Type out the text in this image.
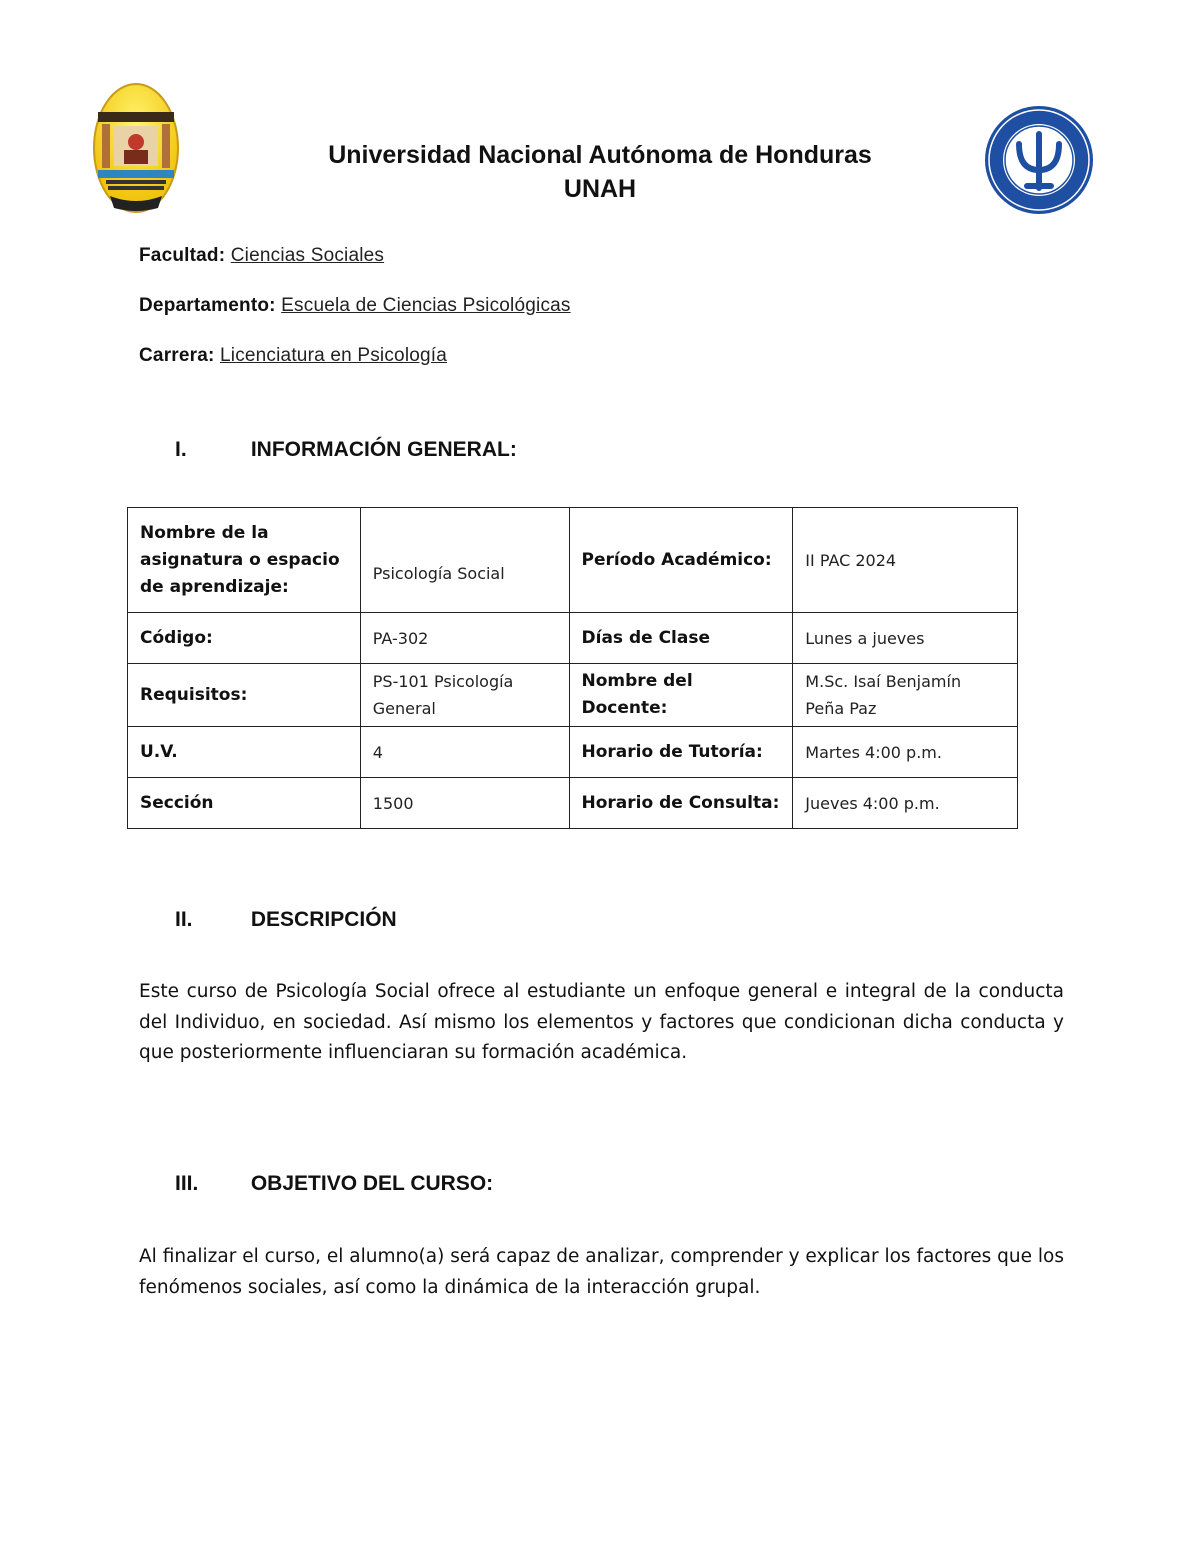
Universidad Nacional Autónoma de Honduras

UNAH

Facultad: Ciencias Sociales
Departamento: Escuela de Ciencias Psicológicas
Carrera: Licenciatura en Psicología
I.	INFORMACIÓN GENERAL:
Nombre de la asignatura o espacio de aprendizaje:	Psicología Social	Período Académico:	II PAC 2024
Código:	PA-302	Días de Clase	Lunes a jueves
Requisitos:	PS-101 Psicología General	Nombre del Docente:	M.Sc. Isaí Benjamín Peña Paz
U.V.	4	Horario de Tutoría:	Martes 4:00 p.m.
Sección	1500	Horario de Consulta:	Jueves 4:00 p.m.
II.	DESCRIPCIÓN
Este curso de Psicología Social ofrece al estudiante un enfoque general e integral de la conducta del Individuo, en sociedad. Así mismo los elementos y factores que condicionan dicha conducta y que posteriormente influenciaran su formación académica.
III.	OBJETIVO DEL CURSO:
Al finalizar el curso, el alumno(a) será capaz de analizar, comprender y explicar los factores que los fenómenos sociales, así como la dinámica de la interacción grupal.
